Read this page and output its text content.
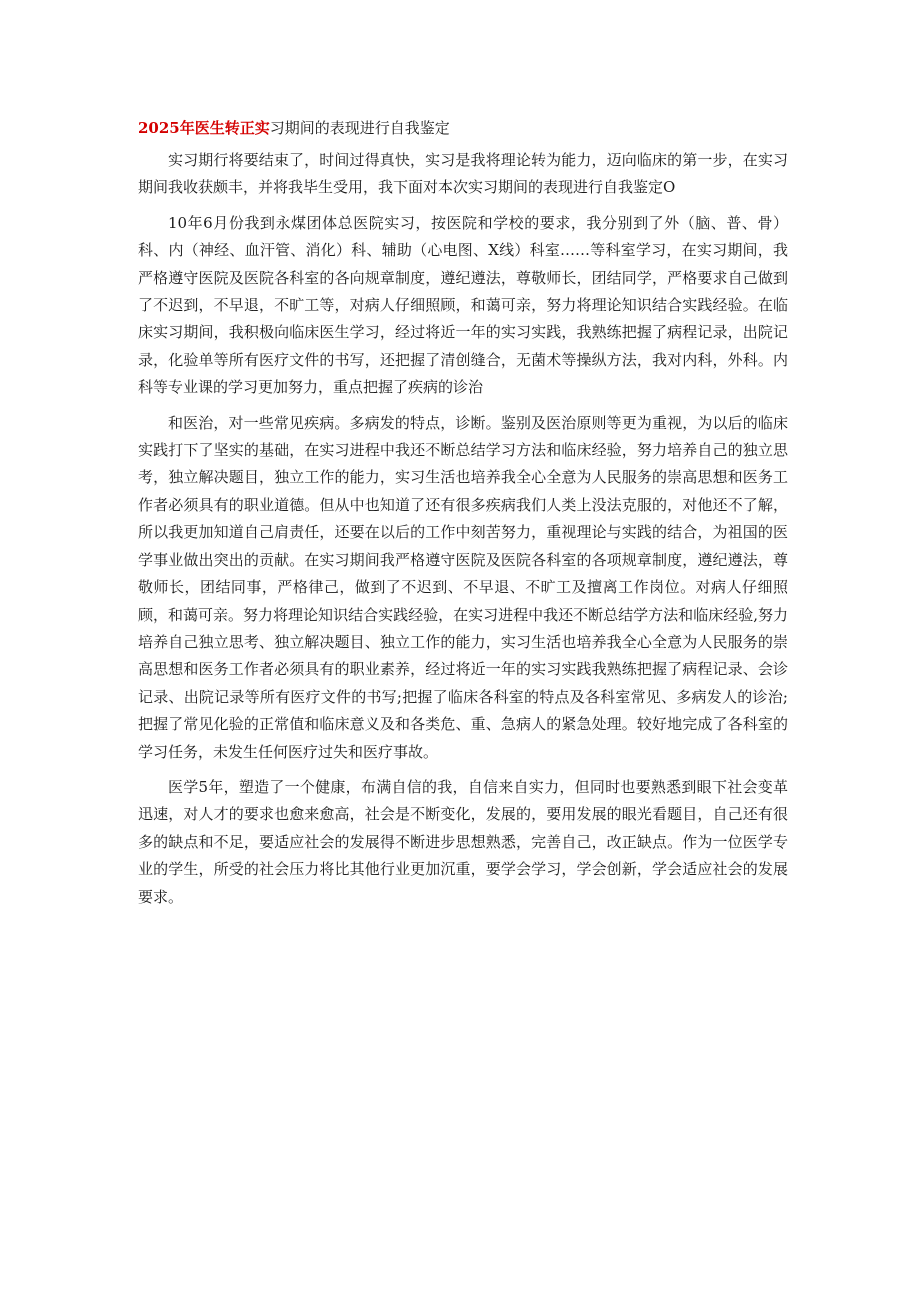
2025年医生转正实习期间的表现进行自我鉴定

实习期行将要结束了，时间过得真快，实习是我将理论转为能力，迈向临床的第一步，在实习期间我收获颇丰，并将我毕生受用，我下面对本次实习期间的表现进行自我鉴定O

10年6月份我到永煤团体总医院实习，按医院和学校的要求，我分别到了外（脑、普、骨）科、内（神经、血汗管、消化）科、辅助（心电图、X线）科室……等科室学习，在实习期间，我严格遵守医院及医院各科室的各向规章制度，遵纪遵法，尊敬师长，团结同学，严格要求自己做到了不迟到，不早退，不旷工等，对病人仔细照顾，和蔼可亲，努力将理论知识结合实践经验。在临床实习期间，我积极向临床医生学习，经过将近一年的实习实践，我熟练把握了病程记录，出院记录，化验单等所有医疗文件的书写，还把握了清创缝合，无菌术等操纵方法，我对内科，外科。内科等专业课的学习更加努力，重点把握了疾病的诊治

和医治，对一些常见疾病。多病发的特点，诊断。鉴别及医治原则等更为重视，为以后的临床实践打下了坚实的基础，在实习进程中我还不断总结学习方法和临床经验，努力培养自己的独立思考，独立解决题目，独立工作的能力，实习生活也培养我全心全意为人民服务的崇高思想和医务工作者必须具有的职业道德。但从中也知道了还有很多疾病我们人类上没法克服的，对他还不了解，所以我更加知道自己肩责任，还要在以后的工作中刻苦努力，重视理论与实践的结合，为祖国的医学事业做出突出的贡献。在实习期间我严格遵守医院及医院各科室的各项规章制度，遵纪遵法，尊敬师长，团结同事，严格律己，做到了不迟到、不早退、不旷工及擅离工作岗位。对病人仔细照顾，和蔼可亲。努力将理论知识结合实践经验，在实习进程中我还不断总结学方法和临床经验,努力培养自己独立思考、独立解决题目、独立工作的能力，实习生活也培养我全心全意为人民服务的崇高思想和医务工作者必须具有的职业素养，经过将近一年的实习实践我熟练把握了病程记录、会诊记录、出院记录等所有医疗文件的书写;把握了临床各科室的特点及各科室常见、多病发人的诊治;把握了常见化验的正常值和临床意义及和各类危、重、急病人的紧急处理。较好地完成了各科室的学习任务，未发生任何医疗过失和医疗事故。

医学5年，塑造了一个健康，布满自信的我，自信来自实力，但同时也要熟悉到眼下社会变革迅速，对人才的要求也愈来愈高，社会是不断变化，发展的，要用发展的眼光看题目，自己还有很多的缺点和不足，要适应社会的发展得不断进步思想熟悉，完善自己，改正缺点。作为一位医学专业的学生，所受的社会压力将比其他行业更加沉重，要学会学习，学会创新，学会适应社会的发展要求。
